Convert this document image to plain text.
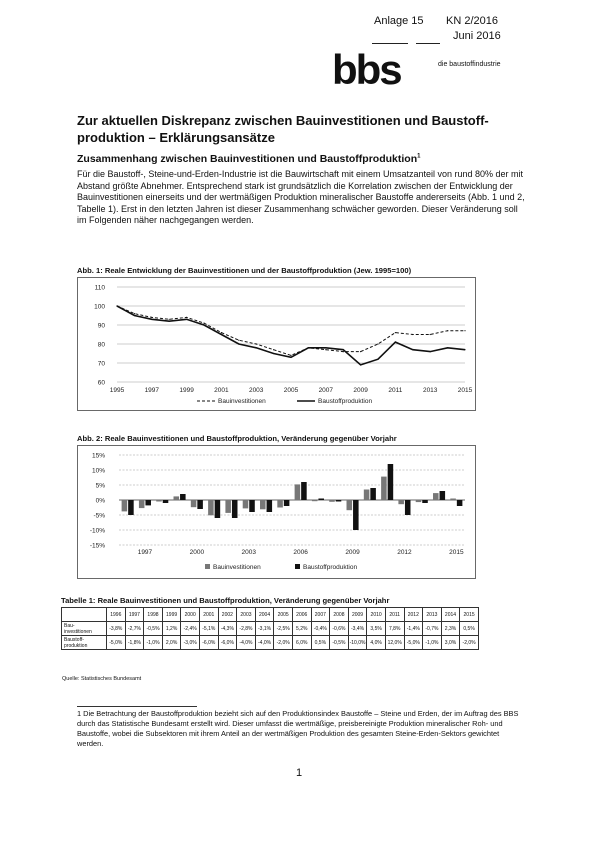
Anlage 15 KN 2/2016
Juni 2016
bbs	die baustoffindustrie
Zur aktuellen Diskrepanz zwischen Bauinvestitionen und Baustoff-produktion – Erklärungsansätze
Zusammenhang zwischen Bauinvestitionen und Baustoffproduktion$^1$
Für die Baustoff-, Steine-und-Erden-Industrie ist die Bauwirtschaft mit einem Umsatzanteil von rund 80% der mit Abstand größte Abnehmer. Entsprechend stark ist grundsätzlich die Korrelation zwischen der Entwicklung der Bauinvestitionen einerseits und der wertmäßigen Produktion mineralischer Baustoffe andererseits (Abb. 1 und 2, Tabelle 1). Erst in den letzten Jahren ist dieser Zusammenhang schwächer geworden. Dieser Veränderung soll im Folgenden näher nachgegangen werden.
Abb. 1: Reale Entwicklung der Bauinvestitionen und der Baustoffproduktion (Jew. 1995=100)
110
100
90
80
70
60
1995	1997	1999	2001	2003	2005	2007	2009	2011	2013	2015
Bauinvestitionen	Baustoffproduktion
Abb. 2: Reale Bauinvestitionen und Baustoffproduktion, Veränderung gegenüber Vorjahr
15%
10%
5%
0%
-5%
-10%
-15%
1997	2000	2003	2006	2009	2012	2015
Bauinvestitionen	Baustoffproduktion
Tabelle 1: Reale Bauinvestitionen und Baustoffproduktion, Veränderung gegenüber Vorjahr
	1996	1997	1998	1999	2000	2001	2002	2003	2004	2005	2006	2007	2008	2009	2010	2011	2012	2013	2014	2015
Bau-
investitionen	-3,8%	-2,7%	-0,5%	1,2%	-2,4%	-5,1%	-4,3%	-2,8%	-3,1%	-2,5%	5,2%	-0,4%	-0,6%	-3,4%	3,5%	7,8%	-1,4%	-0,7%	2,3%	0,5%
Baustoff-
produktion	-5,0%	-1,8%	-1,0%	2,0%	-3,0%	-6,0%	-6,0%	-4,0%	-4,0%	-2,0%	6,0%	0,5%	-0,5%	-10,0%	4,0%	12,0%	-5,0%	-1,0%	3,0%	-2,0%
Quelle: Statistisches Bundesamt
1 Die Betrachtung der Baustoffproduktion bezieht sich auf den Produktionsindex Baustoffe – Steine und Erden, der im Auftrag des BBS durch das Statistische Bundesamt erstellt wird. Dieser umfasst die wertmäßige, preisbereinigte Produktion mineralischer Roh- und Baustoffe, wobei die Subsektoren mit ihrem Anteil an der wertmäßigen Produktion des gesamten Steine-Erden-Sektors gewichtet werden.
1
